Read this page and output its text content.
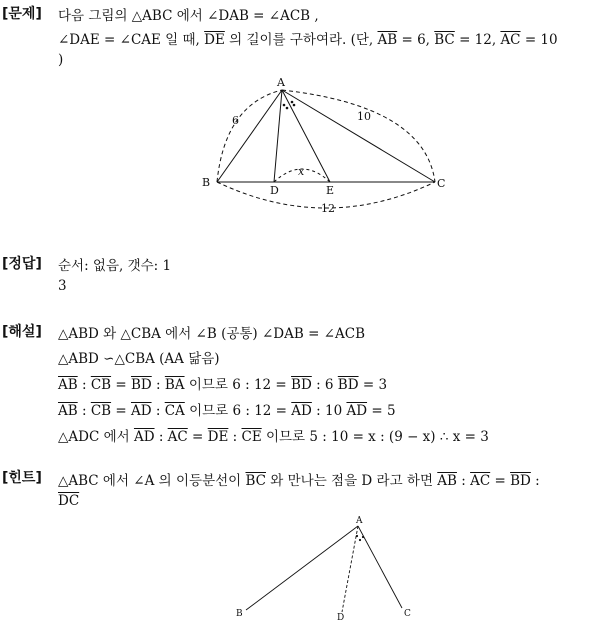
[문제] 다음 그림의 △ABC 에서 ∠DAB = ∠ACB ,
∠DAE = ∠CAE 일 때, $\overline{DE}$ 의 길이를 구하여라. (단, $\overline{AB} = 6$, $\overline{BC} = 12$, $\overline{AC} = 10$
)
A
B	C
D	E
6	10
12
x
[정답] 순서: 없음, 갯수: 1
3
[해설] △ABD 와 △CBA 에서 ∠B (공통) ∠DAB = ∠ACB
△ABD ∽△CBA (AA 닮음)
$\overline{AB}$ : $\overline{CB} = \overline{BD}$ : $\overline{BA}$ 이므로 6 : $12 = \overline{BD}$ : 6 $\overline{BD} = 3$
$\overline{AB}$ : $\overline{CB} = \overline{AD}$ : $\overline{CA}$ 이므로 6 : $12 = \overline{AD}$ : 10 $\overline{AD} = 5$
△ADC 에서 $\overline{AD}$ : $\overline{AC} = \overline{DE}$ : $\overline{CE}$ 이므로 5 : 10 = x : (9 − x) ∴ x = 3
[힌트] △ABC 에서 ∠A 의 이등분선이 $\overline{BC}$ 와 만나는 점을 D 라고 하면 $\overline{AB}$ : $\overline{AC} = \overline{BD}$ :
$\overline{DC}$
A
B	C
D
